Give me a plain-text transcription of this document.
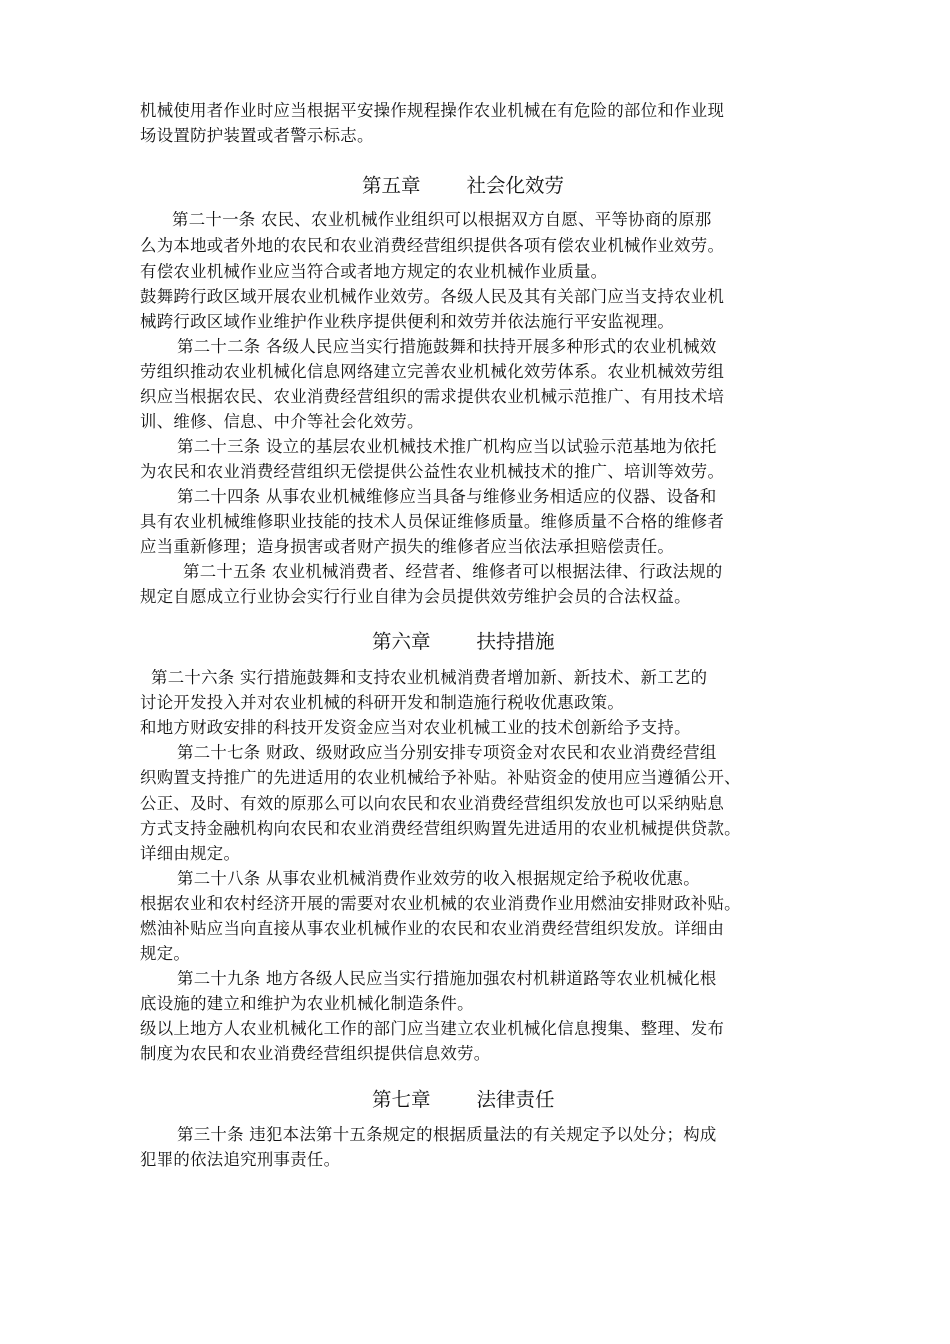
机械使用者作业时应当根据平安操作规程操作农业机械在有危险的部位和作业现
场设置防护装置或者警示标志。
第五章 社会化效劳
第二十一条 农民、农业机械作业组织可以根据双方自愿、平等协商的原那
么为本地或者外地的农民和农业消费经营组织提供各项有偿农业机械作业效劳。
有偿农业机械作业应当符合或者地方规定的农业机械作业质量。
鼓舞跨行政区域开展农业机械作业效劳。各级人民及其有关部门应当支持农业机
械跨行政区域作业维护作业秩序提供便利和效劳并依法施行平安监视理。
第二十二条 各级人民应当实行措施鼓舞和扶持开展多种形式的农业机械效
劳组织推动农业机械化信息网络建立完善农业机械化效劳体系。农业机械效劳组
织应当根据农民、农业消费经营组织的需求提供农业机械示范推广、有用技术培
训、维修、信息、中介等社会化效劳。
第二十三条 设立的基层农业机械技术推广机构应当以试验示范基地为依托
为农民和农业消费经营组织无偿提供公益性农业机械技术的推广、培训等效劳。
第二十四条 从事农业机械维修应当具备与维修业务相适应的仪器、设备和
具有农业机械维修职业技能的技术人员保证维修质量。维修质量不合格的维修者
应当重新修理；造身损害或者财产损失的维修者应当依法承担赔偿责任。
第二十五条 农业机械消费者、经营者、维修者可以根据法律、行政法规的
规定自愿成立行业协会实行行业自律为会员提供效劳维护会员的合法权益。
第六章 扶持措施
第二十六条 实行措施鼓舞和支持农业机械消费者增加新、新技术、新工艺的
讨论开发投入并对农业机械的科研开发和制造施行税收优惠政策。
和地方财政安排的科技开发资金应当对农业机械工业的技术创新给予支持。
第二十七条 财政、级财政应当分别安排专项资金对农民和农业消费经营组
织购置支持推广的先进适用的农业机械给予补贴。补贴资金的使用应当遵循公开、
公正、及时、有效的原那么可以向农民和农业消费经营组织发放也可以采纳贴息
方式支持金融机构向农民和农业消费经营组织购置先进适用的农业机械提供贷款。
详细由规定。
第二十八条 从事农业机械消费作业效劳的收入根据规定给予税收优惠。
根据农业和农村经济开展的需要对农业机械的农业消费作业用燃油安排财政补贴。
燃油补贴应当向直接从事农业机械作业的农民和农业消费经营组织发放。详细由
规定。
第二十九条 地方各级人民应当实行措施加强农村机耕道路等农业机械化根
底设施的建立和维护为农业机械化制造条件。
级以上地方人农业机械化工作的部门应当建立农业机械化信息搜集、整理、发布
制度为农民和农业消费经营组织提供信息效劳。
第七章 法律责任
第三十条 违犯本法第十五条规定的根据质量法的有关规定予以处分；构成
犯罪的依法追究刑事责任。
